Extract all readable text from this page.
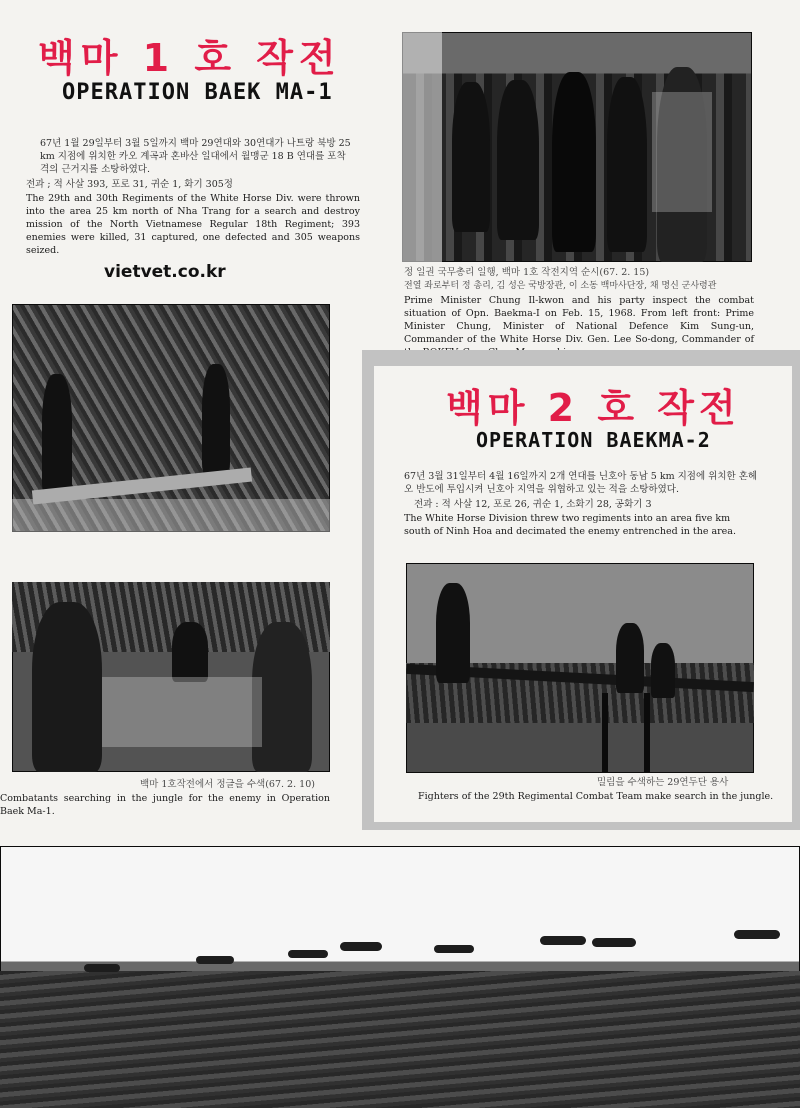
백마 1 호 작전
OPERATION BAEK MA-1
67년 1월 29일부터 3월 5일까지 백마 29연대와 30연대가 나트랑 북방 25 km 지점에 위치한 카오 계곡과 혼바산 일대에서 월맹군 18 B 연대를 포착 격의 근거지를 소탕하였다.
전과 ; 적 사살 393, 포로 31, 귀순 1, 화기 305정
The 29th and 30th Regiments of the White Horse Div. were thrown into the area 25 km north of Nha Trang for a search and destroy mission of the North Vietnamese Regular 18th Regiment; 393 enemies were killed, 31 captured, one defected and 305 weapons seized.
vietvet.co.kr	정 일권 국무총리 일행, 백마 1호 작전지역 순시(67. 2. 15)
전열 좌로부터 정 총리, 김 성은 국방장관, 이 소동 백마사단장, 채 명신 군사령관
Prime Minister Chung Il-kwon and his party inspect the combat situation of Opn. Baekma-I on Feb. 15, 1968. From left front: Prime Minister Chung, Minister of National Defence Kim Sung-un, Commander of the White Horse Div. Gen. Lee So-dong, Commander of
백마 1호작전에서 정글을 수색(67. 2. 10)
Combatants searching in the jungle for the enemy in Operation Baek Ma-1.
백마 2 호 작전
OPERATION BAEKMA-2
67년 3월 31일부터 4월 16일까지 2개 연대를 닌호아 동남 5 km 지점에 위치한 혼헤오 반도에 투입시켜 닌호아 지역을 위협하고 있는 적을 소탕하였다.
전과 : 적 사살 12, 포로 26, 귀순 1, 소화기 28, 공화기 3
The White Horse Division threw two regiments into an area five km south of Ninh Hoa and decimated the enemy entrenched in the area.
밀림을 수색하는 29연두단 용사
Fighters of the 29th Regimental Combat Team make search in the jungle.
